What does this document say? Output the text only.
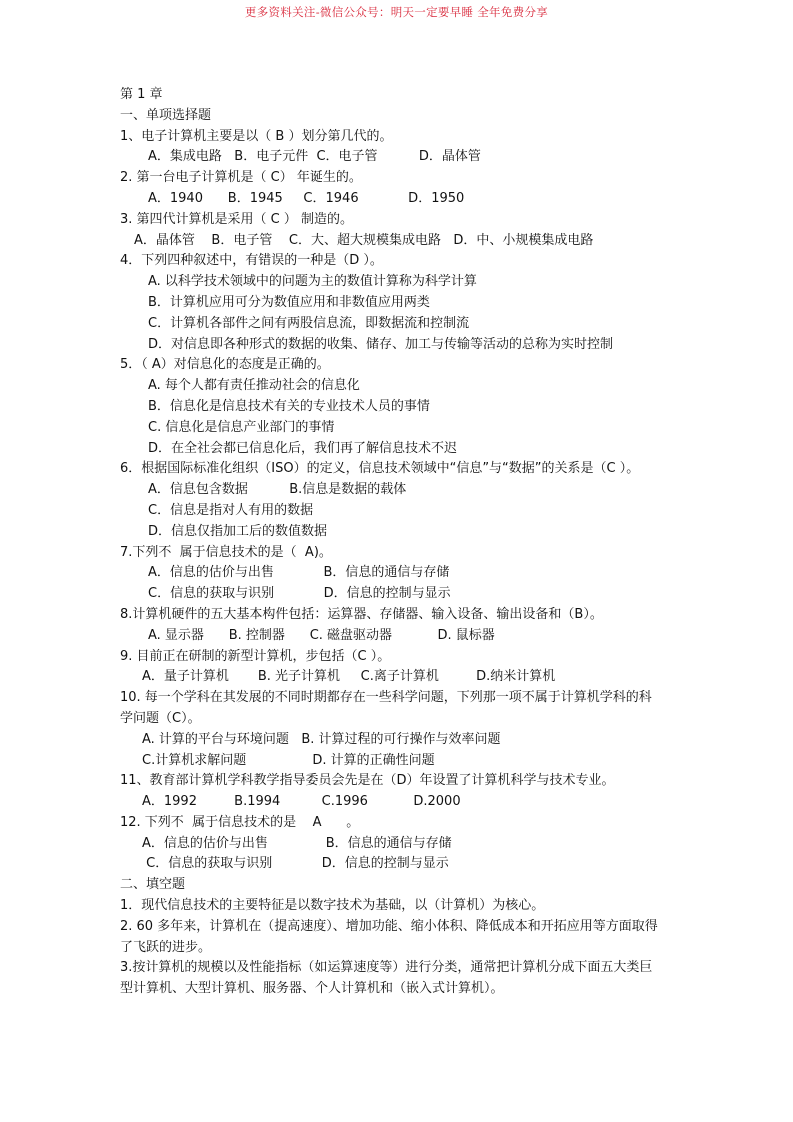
更多资料关注-微信公众号：明天一定要早睡 全年免费分享
第 1 章
一、单项选择题
1、电子计算机主要是以（ B ）划分第几代的。
A．集成电路   B．电子元件  C．电子管          D．晶体管
2. 第一台电子计算机是（ C） 年诞生的。
A．1940      B．1945     C．1946            D．1950
3. 第四代计算机是采用（ C ） 制造的。
A．晶体管    B．电子管    C．大、超大规模集成电路   D．中、小规模集成电路
4．下列四种叙述中，有错误的一种是（D ）。
A. 以科学技术领域中的问题为主的数值计算称为科学计算
B．计算机应用可分为数值应用和非数值应用两类
C．计算机各部件之间有两股信息流，即数据流和控制流
D．对信息即各种形式的数据的收集、储存、加工与传输等活动的总称为实时控制
5．（ A）对信息化的态度是正确的。
A. 每个人都有责任推动社会的信息化
B．信息化是信息技术有关的专业技术人员的事情
C. 信息化是信息产业部门的事情
D．在全社会都已信息化后，我们再了解信息技术不迟
6．根据国际标准化组织（ISO）的定义，信息技术领域中“信息”与“数据”的关系是（C ）。
A．信息包含数据          B.信息是数据的载体
C．信息是指对人有用的数据
D．信息仅指加工后的数值数据
7.下列不  属于信息技术的是（  A)。
A．信息的估价与出售            B．信息的通信与存储
C．信息的获取与识别            D．信息的控制与显示
8.计算机硬件的五大基本构件包括：运算器、存储器、输入设备、输出设备和（B）。
A. 显示器      B. 控制器      C. 磁盘驱动器           D. 鼠标器
9. 目前正在研制的新型计算机，步包括（C ）。
A．量子计算机       B. 光子计算机     C.离子计算机         D.纳米计算机
10. 每一个学科在其发展的不同时期都存在一些科学问题，下列那一项不属于计算机学科的科学问题（C）。
A. 计算的平台与环境问题   B. 计算过程的可行操作与效率问题
C.计算机求解问题                D. 计算的正确性问题
11、教育部计算机学科教学指导委员会先是在（D）年设置了计算机科学与技术专业。
A．1992         B.1994          C.1996           D.2000
12. 下列不  属于信息技术的是    A      。
A．信息的估价与出售              B．信息的通信与存储
C．信息的获取与识别            D．信息的控制与显示
二、填空题
1．现代信息技术的主要特征是以数字技术为基础，以（计算机）为核心。
2. 60 多年来，计算机在（提高速度）、增加功能、缩小体积、降低成本和开拓应用等方面取得了飞跃的进步。
3.按计算机的规模以及性能指标（如运算速度等）进行分类，通常把计算机分成下面五大类巨型计算机、大型计算机、服务器、个人计算机和（嵌入式计算机）。
